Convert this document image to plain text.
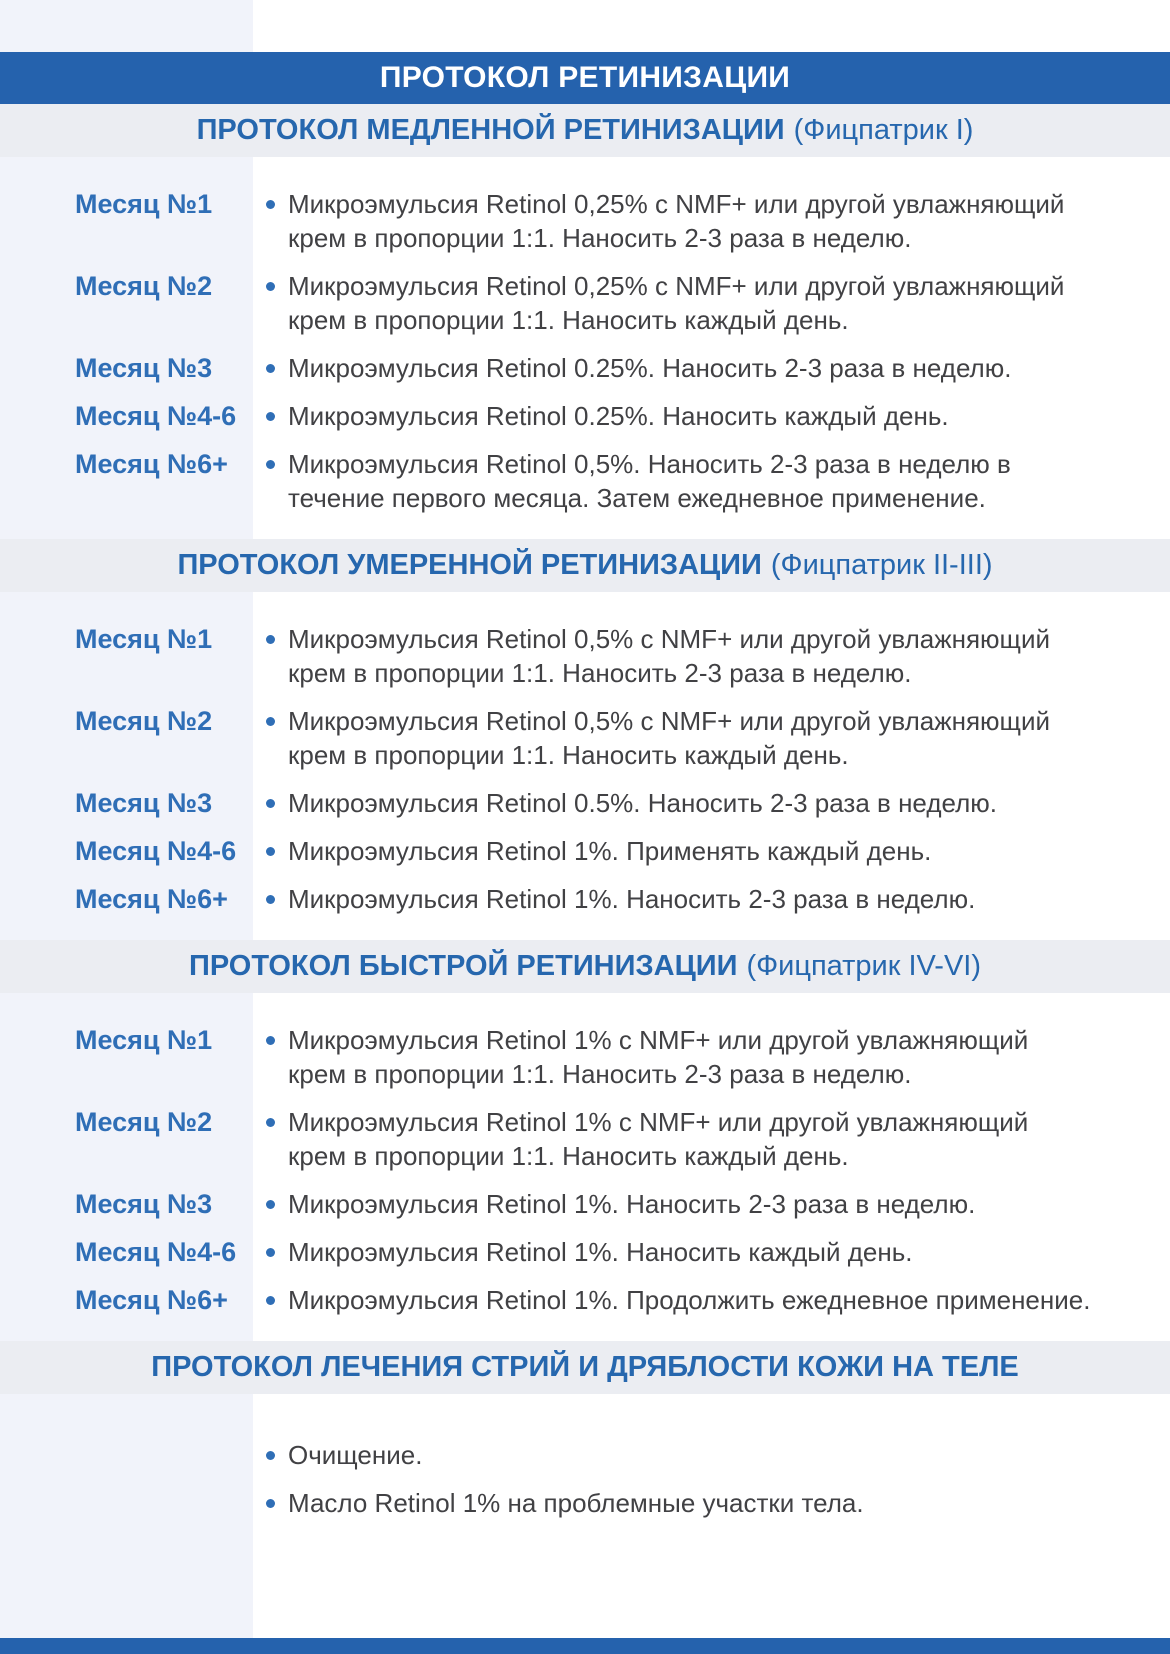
ПРОТОКОЛ РЕТИНИЗАЦИИ
ПРОТОКОЛ МЕДЛЕННОЙ РЕТИНИЗАЦИИ (Фицпатрик I)
Месяц №1	Микроэмульсия Retinol 0,25% с NMF+ или другой увлажняющий крем в пропорции 1:1. Наносить 2-3 раза в неделю.
Месяц №2	Микроэмульсия Retinol 0,25% с NMF+ или другой увлажняющий крем в пропорции 1:1. Наносить каждый день.
Месяц №3	Микроэмульсия Retinol 0.25%. Наносить 2-3 раза в неделю.
Месяц №4-6	Микроэмульсия Retinol 0.25%. Наносить каждый день.
Месяц №6+	Микроэмульсия Retinol 0,5%. Наносить 2-3 раза в неделю в течение первого месяца. Затем ежедневное применение.
ПРОТОКОЛ УМЕРЕННОЙ РЕТИНИЗАЦИИ (Фицпатрик II-III)
Месяц №1	Микроэмульсия Retinol 0,5% с NMF+ или другой увлажняющий крем в пропорции 1:1. Наносить 2-3 раза в неделю.
Месяц №2	Микроэмульсия Retinol 0,5% с NMF+ или другой увлажняющий крем в пропорции 1:1. Наносить каждый день.
Месяц №3	Микроэмульсия Retinol 0.5%. Наносить 2-3 раза в неделю.
Месяц №4-6	Микроэмульсия Retinol 1%. Применять каждый день.
Месяц №6+	Микроэмульсия Retinol 1%. Наносить 2-3 раза в неделю.
ПРОТОКОЛ БЫСТРОЙ РЕТИНИЗАЦИИ (Фицпатрик IV-VI)
Месяц №1	Микроэмульсия Retinol 1% с NMF+ или другой увлажняющий крем в пропорции 1:1. Наносить 2-3 раза в неделю.
Месяц №2	Микроэмульсия Retinol 1% с NMF+ или другой увлажняющий крем в пропорции 1:1. Наносить каждый день.
Месяц №3	Микроэмульсия Retinol 1%. Наносить 2-3 раза в неделю.
Месяц №4-6	Микроэмульсия Retinol 1%. Наносить каждый день.
Месяц №6+	Микроэмульсия Retinol 1%. Продолжить ежедневное применение.
ПРОТОКОЛ ЛЕЧЕНИЯ СТРИЙ И ДРЯБЛОСТИ КОЖИ НА ТЕЛЕ
Очищение.
Масло Retinol 1% на проблемные участки тела.
